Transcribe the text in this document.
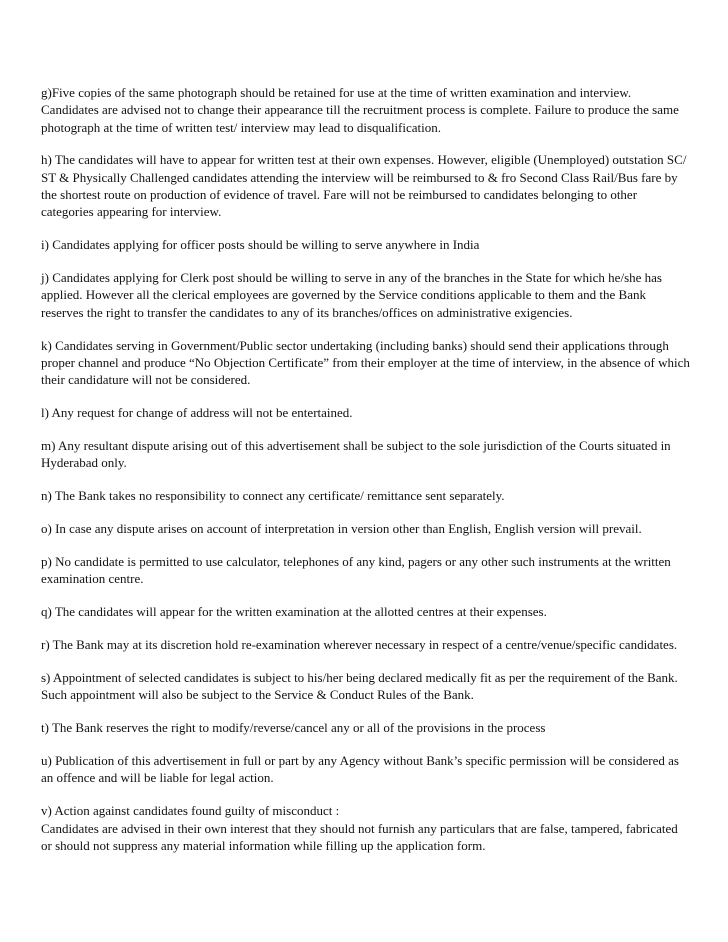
g)Five copies of the same photograph should be retained for use at the time of written examination and interview.
Candidates are advised not to change their appearance till the recruitment process is complete. Failure to produce the same
photograph at the time of written test/ interview may lead to disqualification.
h) The candidates will have to appear for written test at their own expenses. However, eligible (Unemployed) outstation SC/
ST & Physically Challenged candidates attending the interview will be reimbursed to & fro Second Class Rail/Bus fare by
the shortest route on production of evidence of travel. Fare will not be reimbursed to candidates belonging to other
categories appearing for interview.
i) Candidates applying for officer posts should be willing to serve anywhere in India
j) Candidates applying for Clerk post should be willing to serve in any of the branches in the State for which he/she has
applied. However all the clerical employees are governed by the Service conditions applicable to them and the Bank
reserves the right to transfer the candidates to any of its branches/offices on administrative exigencies.
k) Candidates serving in Government/Public sector undertaking (including banks) should send their applications through
proper channel and produce “No Objection Certificate” from their employer at the time of interview, in the absence of which
their candidature will not be considered.
l) Any request for change of address will not be entertained.
m) Any resultant dispute arising out of this advertisement shall be subject to the sole jurisdiction of the Courts situated in
Hyderabad only.
n) The Bank takes no responsibility to connect any certificate/ remittance sent separately.
o) In case any dispute arises on account of interpretation in version other than English, English version will prevail.
p) No candidate is permitted to use calculator, telephones of any kind, pagers or any other such instruments at the written
examination centre.
q) The candidates will appear for the written examination at the allotted centres at their expenses.
r) The Bank may at its discretion hold re-examination wherever necessary in respect of a centre/venue/specific candidates.
s) Appointment of selected candidates is subject to his/her being declared medically fit as per the requirement of the Bank.
Such appointment will also be subject to the Service & Conduct Rules of the Bank.
t) The Bank reserves the right to modify/reverse/cancel any or all of the provisions in the process
u) Publication of this advertisement in full or part by any Agency without Bank’s specific permission will be considered as
an offence and will be liable for legal action.
v) Action against candidates found guilty of misconduct :
Candidates are advised in their own interest that they should not furnish any particulars that are false, tampered, fabricated
or should not suppress any material information while filling up the application form.
